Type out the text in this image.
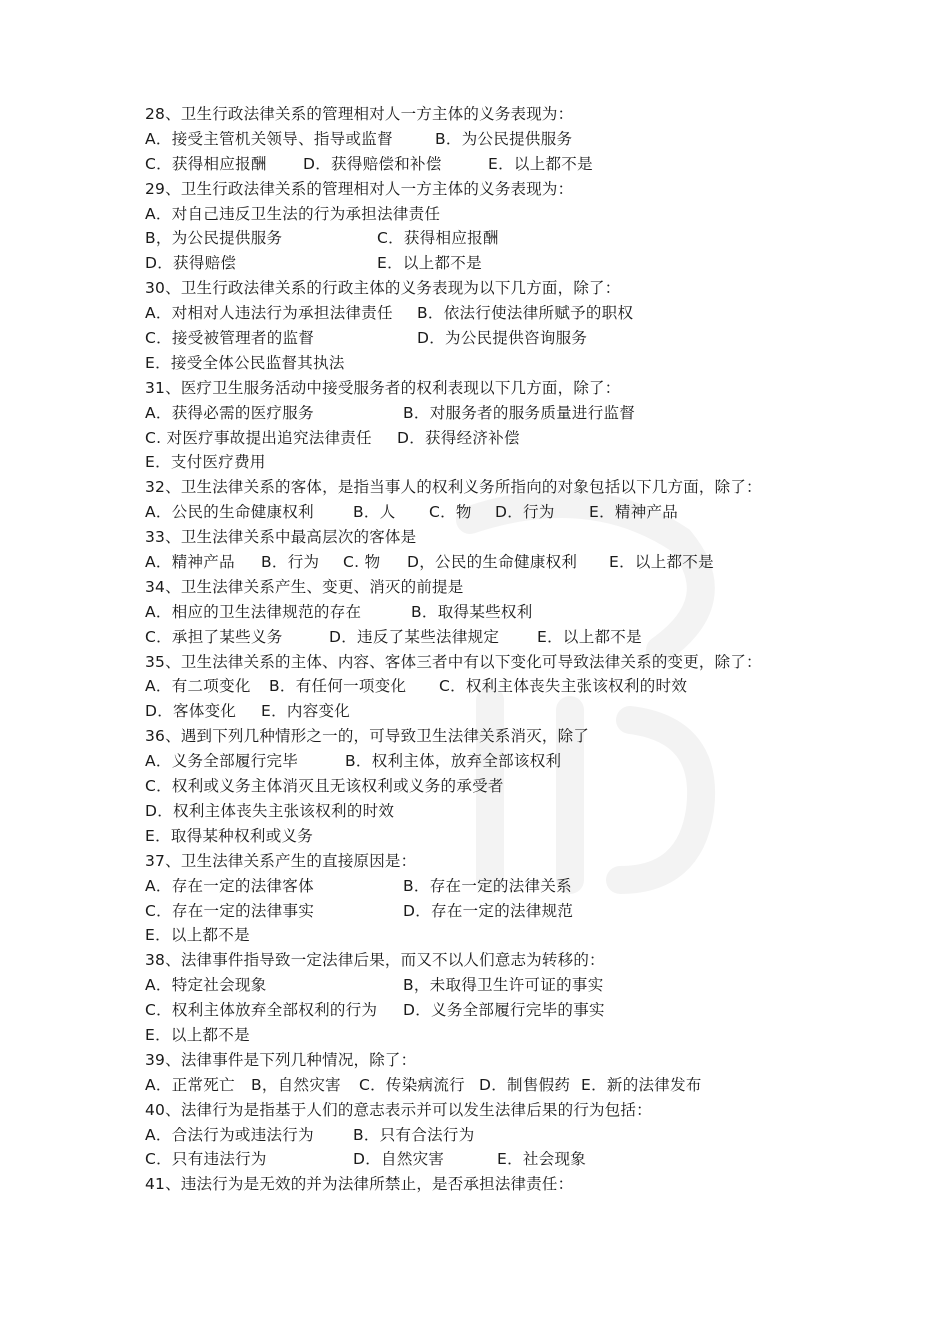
28、卫生行政法律关系的管理相对人一方主体的义务表现为：
A．接受主管机关领导、指导或监督	B．为公民提供服务
C．获得相应报酬 D．获得赔偿和补偿	E．以上都不是
29、卫生行政法律关系的管理相对人一方主体的义务表现为：
A．对自己违反卫生法的行为承担法律责任
B，为公民提供服务	C．获得相应报酬
D．获得赔偿	E．以上都不是
30、卫生行政法律关系的行政主体的义务表现为以下几方面，除了：
A．对相对人违法行为承担法律责任 B．依法行使法律所赋予的职权
C．接受被管理者的监督	D．为公民提供咨询服务
E．接受全体公民监督其执法
31、医疗卫生服务活动中接受服务者的权利表现以下几方面，除了：
A．获得必需的医疗服务	B．对服务者的服务质量进行监督
C. 对医疗事故提出追究法律责任 D．获得经济补偿
E．支付医疗费用
32、卫生法律关系的客体，是指当事人的权利义务所指向的对象包括以下几方面，除了：
A．公民的生命健康权利	B．人 C．物 D．行为 E．精神产品
33、卫生法律关系中最高层次的客体是
A．精神产品 B．行为 C. 物 D，公民的生命健康权利 E．以上都不是
34、卫生法律关系产生、变更、消灭的前提是
A．相应的卫生法律规范的存在	B．取得某些权利
C．承担了某些义务	D．违反了某些法律规定 E．以上都不是
35、卫生法律关系的主体、内容、客体三者中有以下变化可导致法律关系的变更，除了：
A．有二项变化 B．有任何一项变化 C．权利主体丧失主张该权利的时效
D．客体变化 E．内容变化
36、遇到下列几种情形之一的，可导致卫生法律关系消灭，除了
A．义务全部履行完毕	B．权利主体，放弃全部该权利
C．权利或义务主体消灭且无该权利或义务的承受者
D．权利主体丧失主张该权利的时效
E．取得某种权利或义务
37、卫生法律关系产生的直接原因是：
A．存在一定的法律客体	B．存在一定的法律关系
C．存在一定的法律事实	D．存在一定的法律规范
E．以上都不是
38、法律事件指导致一定法律后果，而又不以人们意志为转移的：
A．特定社会现象	B，未取得卫生许可证的事实
C．权利主体放弃全部权利的行为 D．义务全部履行完毕的事实
E．以上都不是
39、法律事件是下列几种情况，除了：
A．正常死亡 B，自然灾害 C．传染病流行 D．制售假药 E．新的法律发布
40、法律行为是指基于人们的意志表示并可以发生法律后果的行为包括：
A．合法行为或违法行为	B．只有合法行为
C．只有违法行为	D．自然灾害	E．社会现象
41、违法行为是无效的并为法律所禁止，是否承担法律责任：
